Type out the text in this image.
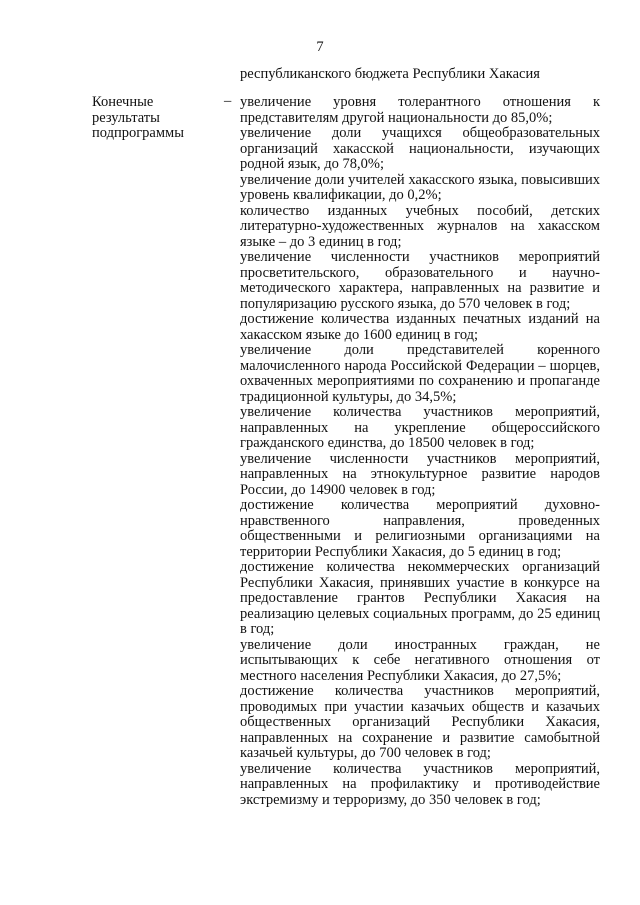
7
республиканского бюджета Республики Хакасия
Конечные результаты подпрограммы
– увеличение уровня толерантного отношения к представителям другой национальности до 85,0%;

увеличение доли учащихся общеобразовательных организаций хакасской национальности, изучающих родной язык, до 78,0%;

увеличение доли учителей хакасского языка, повысивших уровень квалификации, до 0,2%;

количество изданных учебных пособий, детских литературно-художественных журналов на хакасском языке – до 3 единиц в год;

увеличение численности участников мероприятий просветительского, образовательного и научно-методического характера, направленных на развитие и популяризацию русского языка, до 570 человек в год;

достижение количества изданных печатных изданий на хакасском языке до 1600 единиц в год;

увеличение доли представителей коренного малочисленного народа Российской Федерации – шорцев, охваченных мероприятиями по сохранению и пропаганде традиционной культуры, до 34,5%;

увеличение количества участников мероприятий, направленных на укрепление общероссийского гражданского единства, до 18500 человек в год;

увеличение численности участников мероприятий, направленных на этнокультурное развитие народов России, до 14900 человек в год;

достижение количества мероприятий духовно-нравственного направления, проведенных общественными и религиозными организациями на территории Республики Хакасия, до 5 единиц в год;

достижение количества некоммерческих организаций Республики Хакасия, принявших участие в конкурсе на предоставление грантов Республики Хакасия на реализацию целевых социальных программ, до 25 единиц в год;

увеличение доли иностранных граждан, не испытывающих к себе негативного отношения от местного населения Республики Хакасия, до 27,5%;

достижение количества участников мероприятий, проводимых при участии казачьих обществ и казачьих общественных организаций Республики Хакасия, направленных на сохранение и развитие самобытной казачьей культуры, до 700 человек в год;

увеличение количества участников мероприятий, направленных на профилактику и противодействие экстремизму и терроризму, до 350 человек в год;
